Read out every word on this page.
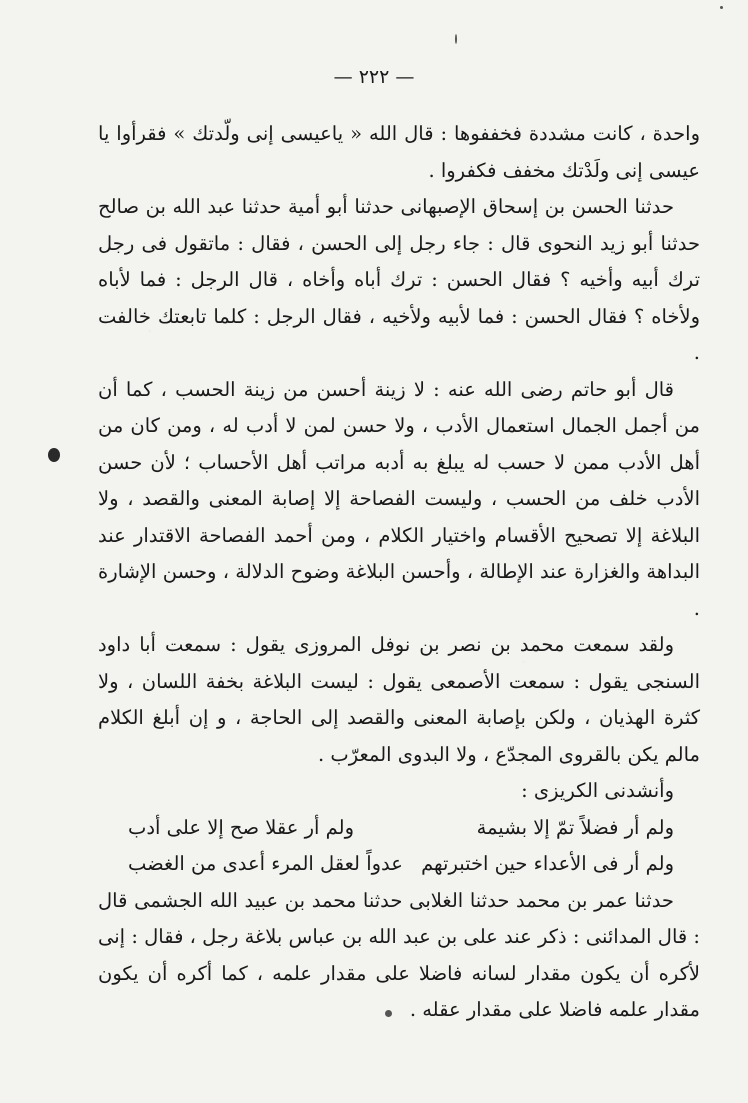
— ٢٢٢ —

واحدة ، كانت مشددة فخففوها : قال الله « ياعيسى إنى ولّدتك » فقرأوا يا عيسى إنى ولَدْتك مخفف فكفروا .

حدثنا الحسن بن إسحاق الإصبهانى حدثنا أبو أمية حدثنا عبد الله بن صالح حدثنا أبو زيد النحوى قال : جاء رجل إلى الحسن ، فقال : ماتقول فى رجل ترك أبيه وأخيه ؟ فقال الحسن : ترك أباه وأخاه ، قال الرجل : فما لأباه ولأخاه ؟ فقال الحسن : فما لأبيه ولأخيه ، فقال الرجل : كلما تابعتك خالفت .

قال أبو حاتم رضى الله عنه : لا زينة أحسن من زينة الحسب ، كما أن من أجمل الجمال استعمال الأدب ، ولا حسن لمن لا أدب له ، ومن كان من أهل الأدب ممن لا حسب له يبلغ به أدبه مراتب أهل الأحساب ؛ لأن حسن الأدب خلف من الحسب ، وليست الفصاحة إلا إصابة المعنى والقصد ، ولا البلاغة إلا تصحيح الأقسام واختيار الكلام ، ومن أحمد الفصاحة الاقتدار عند البداهة والغزارة عند الإطالة ، وأحسن البلاغة وضوح الدلالة ، وحسن الإشارة .

ولقد سمعت محمد بن نصر بن نوفل المروزى يقول : سمعت أبا داود السنجى يقول : سمعت الأصمعى يقول : ليست البلاغة بخفة اللسان ، ولا كثرة الهذيان ، ولكن بإصابة المعنى والقصد إلى الحاجة ، و إن أبلغ الكلام مالم يكن بالقروى المجدّع ، ولا البدوى المعرّب .

وأنشدنى الكريزى :

ولم أر فضلاً تمّ إلا بشيمة
ولم أر عقلا صح إلا على أدب
ولم أر فى الأعداء حين اختبرتهم
عدواً لعقل المرء أعدى من الغضب

حدثنا عمر بن محمد حدثنا الغلابى حدثنا محمد بن عبيد الله الجشمى قال : قال المدائنى : ذكر عند على بن عبد الله بن عباس بلاغة رجل ، فقال : إنى لأكره أن يكون مقدار لسانه فاضلا على مقدار علمه ، كما أكره أن يكون مقدار علمه فاضلا على مقدار عقله .
